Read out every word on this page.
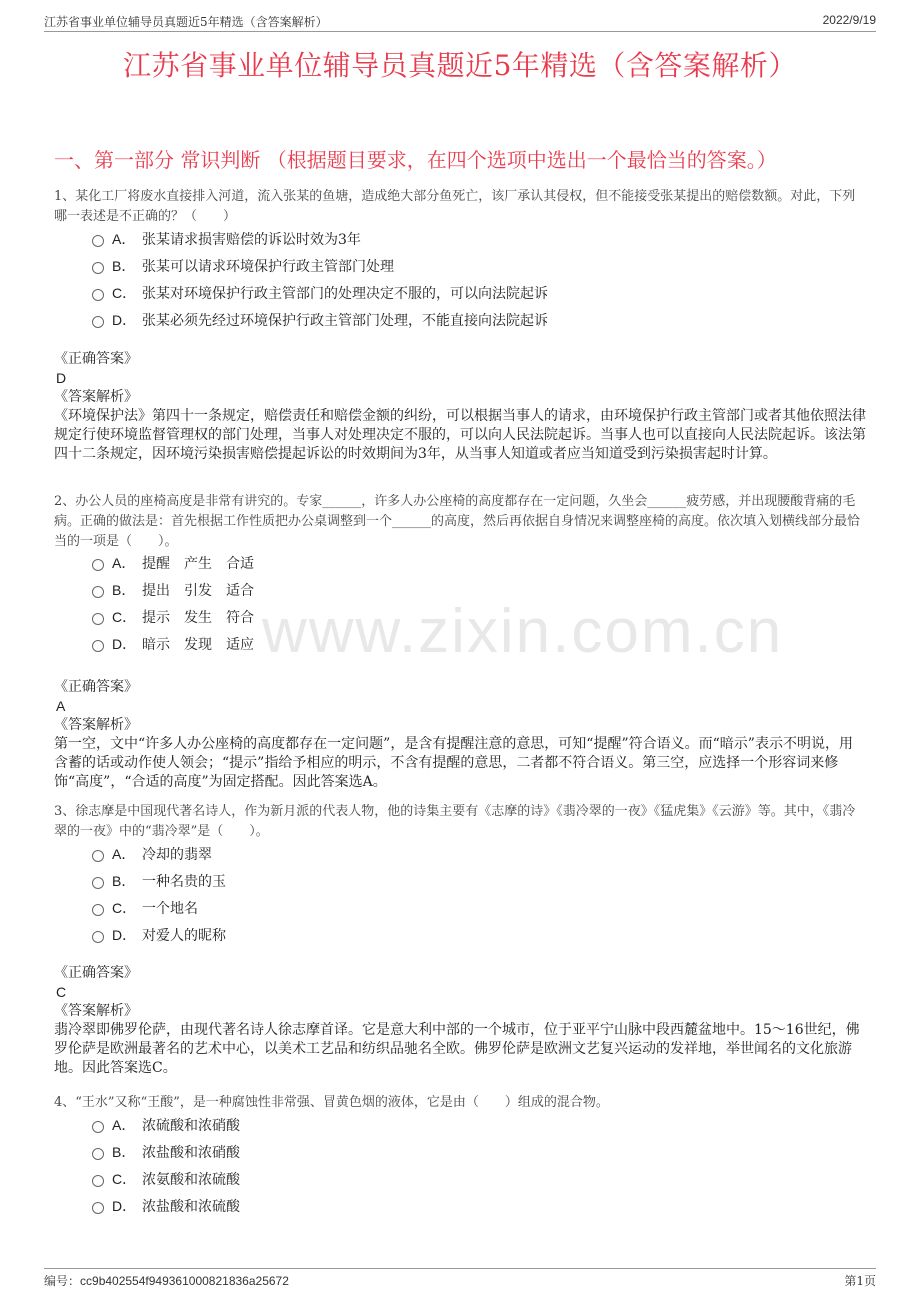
江苏省事业单位辅导员真题近5年精选（含答案解析）	2022/9/19
江苏省事业单位辅导员真题近5年精选（含答案解析）
一、第一部分 常识判断 （根据题目要求，在四个选项中选出一个最恰当的答案。）
www.zixin.com.cn
1、某化工厂将废水直接排入河道，流入张某的鱼塘，造成绝大部分鱼死亡，该厂承认其侵权，但不能接受张某提出的赔偿数额。对此，下列哪一表述是不正确的？（　　）
A． 张某请求损害赔偿的诉讼时效为3年
B． 张某可以请求环境保护行政主管部门处理
C． 张某对环境保护行政主管部门的处理决定不服的，可以向法院起诉
D． 张某必须先经过环境保护行政主管部门处理，不能直接向法院起诉
《正确答案》
D
《答案解析》
《环境保护法》第四十一条规定，赔偿责任和赔偿金额的纠纷，可以根据当事人的请求，由环境保护行政主管部门或者其他依照法律规定行使环境监督管理权的部门处理，当事人对处理决定不服的，可以向人民法院起诉。当事人也可以直接向人民法院起诉。该法第四十二条规定，因环境污染损害赔偿提起诉讼的时效期间为3年，从当事人知道或者应当知道受到污染损害起时计算。
2、办公人员的座椅高度是非常有讲究的。专家______，许多人办公座椅的高度都存在一定问题，久坐会______疲劳感，并出现腰酸背痛的毛病。正确的做法是：首先根据工作性质把办公桌调整到一个______的高度，然后再依据自身情况来调整座椅的高度。依次填入划横线部分最恰当的一项是（　　）。
A． 提醒　产生　合适
B． 提出　引发　适合
C． 提示　发生　符合
D． 暗示　发现　适应
《正确答案》
A
《答案解析》
第一空，文中“许多人办公座椅的高度都存在一定问题”，是含有提醒注意的意思，可知“提醒”符合语义。而“暗示”表示不明说，用含蓄的话或动作使人领会；“提示”指给予相应的明示，不含有提醒的意思，二者都不符合语义。第三空，应选择一个形容词来修饰“高度”，“合适的高度”为固定搭配。因此答案选A。
3、徐志摩是中国现代著名诗人，作为新月派的代表人物，他的诗集主要有《志摩的诗》《翡冷翠的一夜》《猛虎集》《云游》等。其中，《翡冷翠的一夜》中的“翡冷翠”是（　　）。
A． 冷却的翡翠
B． 一种名贵的玉
C． 一个地名
D． 对爱人的昵称
《正确答案》
C
《答案解析》
翡冷翠即佛罗伦萨，由现代著名诗人徐志摩首译。它是意大利中部的一个城市，位于亚平宁山脉中段西麓盆地中。15～16世纪，佛罗伦萨是欧洲最著名的艺术中心，以美术工艺品和纺织品驰名全欧。佛罗伦萨是欧洲文艺复兴运动的发祥地，举世闻名的文化旅游地。因此答案选C。
4、“王水”又称“王酸”，是一种腐蚀性非常强、冒黄色烟的液体，它是由（　　）组成的混合物。
A． 浓硫酸和浓硝酸
B． 浓盐酸和浓硝酸
C． 浓氨酸和浓硫酸
D． 浓盐酸和浓硫酸
编号：cc9b402554f949361000821836a25672	第1页
